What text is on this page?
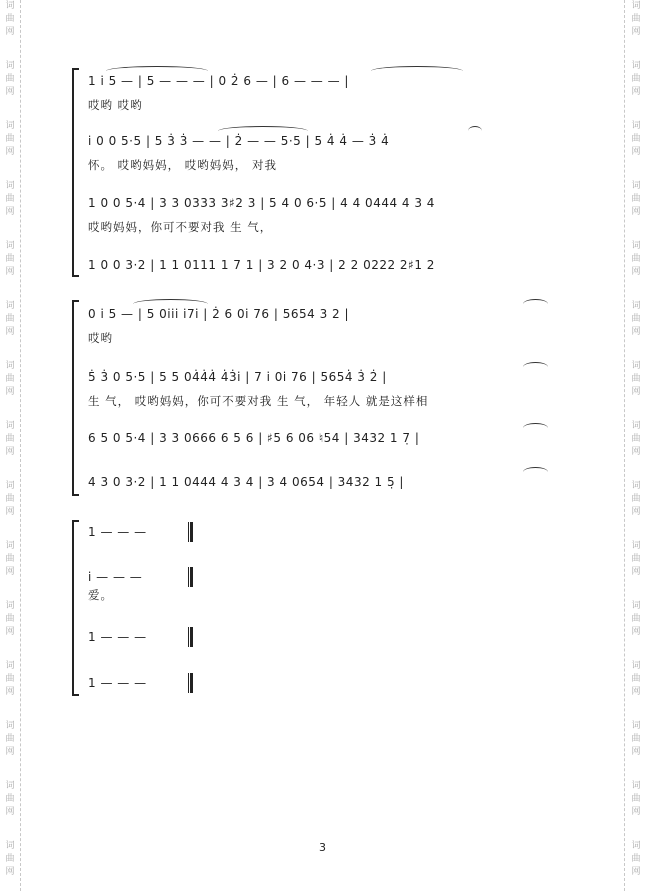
词
曲
网
词
曲
网
词
曲
网
词
曲
网
词
曲
网
词
曲
网
词
曲
网
词
曲
网
词
曲
网
词
曲
网
词
曲
网
词
曲
网
词
曲
网
词
曲
网
词
曲
网
词
曲
网
词
曲
网
词
曲
网
词
曲
网
词
曲
网
词
曲
网
词
曲
网
词
曲
网
词
曲
网
词
曲
网
词
曲
网
词
曲
网
词
曲
网
词
曲
网
词
曲
网
1 i̇ 5 — | 5 — — — | 0 2̇ 6 — | 6 — — — |
哎哟 哎哟
i̇ 0 0 5·5 | 5 3̇ 3̇ — — | 2̇ — — 5·5 | 5 4̇ 4̇ — 3̇ 4̇
怀。 哎哟妈妈， 哎哟妈妈， 对我
1 0 0 5·4 | 3 3 0333 3♯2 3 | 5 4 0 6·5 | 4 4 0444 4 3 4
哎哟妈妈，你可不要对我 生 气，
1 0 0 3·2 | 1 1 0111 1 7 1 | 3 2 0 4·3 | 2 2 0222 2♯1 2
0 i̇ 5 — | 5 0i̇i̇i̇ i̇7i̇ | 2̇ 6 0i̇ 76 | 5654 3 2 |
哎哟
5̇ 3̇ 0 5·5 | 5 5 04̇4̇4̇ 4̇3̇i̇ | 7 i̇ 0i̇ 76 | 5654̇ 3̇ 2̇ |
生 气， 哎哟妈妈，你可不要对我 生 气， 年轻人 就是这样相
6 5 0 5·4 | 3 3 0666 6 5 6 | ♯5 6 06 ♮54 | 3432 1 7̣ |
4 3 0 3·2 | 1 1 0444 4 3 4 | 3 4 0654 | 3432 1 5̣ |
1 — — —
i̇ — — —
爱。
1 — — —
1 — — —
3
